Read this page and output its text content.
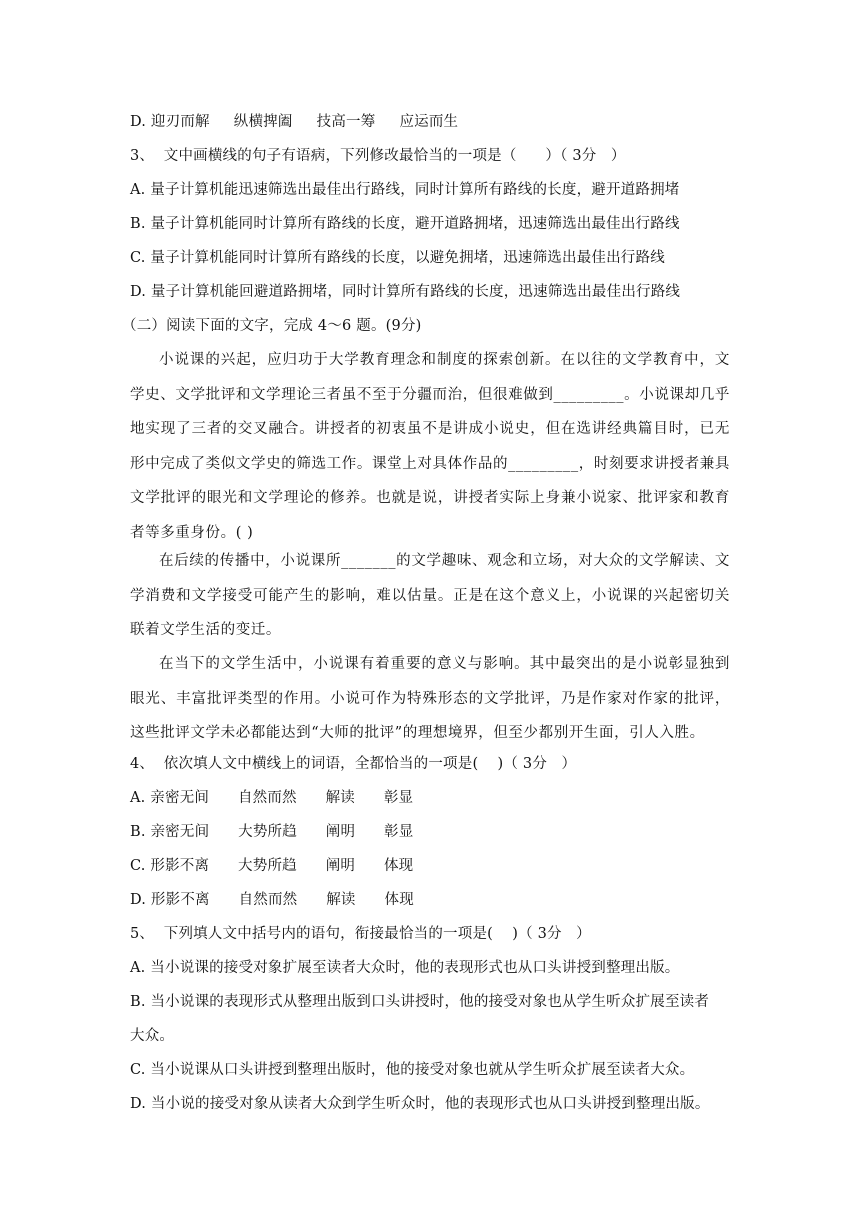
D. 迎刃而解     纵横捭阖     技高一筹     应运而生
3、  文中画横线的句子有语病，下列修改最恰当的一项是（      ）（ 3分   ）
A. 量子计算机能迅速筛选出最佳出行路线，同时计算所有路线的长度，避开道路拥堵
B. 量子计算机能同时计算所有路线的长度，避开道路拥堵，迅速筛选出最佳出行路线
C. 量子计算机能同时计算所有路线的长度，以避免拥堵，迅速筛选出最佳出行路线
D. 量子计算机能回避道路拥堵，同时计算所有路线的长度，迅速筛选出最佳出行路线
（二）阅读下面的文字，完成 4～6 题。(9分)

小说课的兴起，应归功于大学教育理念和制度的探索创新。在以往的文学教育中，文学史、文学批评和文学理论三者虽不至于分疆而治，但很难做到_________。小说课却几乎地实现了三者的交叉融合。讲授者的初衷虽不是讲成小说史，但在选讲经典篇目时，已无形中完成了类似文学史的筛选工作。课堂上对具体作品的_________，时刻要求讲授者兼具文学批评的眼光和文学理论的修养。也就是说，讲授者实际上身兼小说家、批评家和教育者等多重身份。( )

在后续的传播中，小说课所_______的文学趣味、观念和立场，对大众的文学解读、文学消费和文学接受可能产生的影响，难以估量。正是在这个意义上，小说课的兴起密切关联着文学生活的变迁。

在当下的文学生活中，小说课有着重要的意义与影响。其中最突出的是小说彰显独到眼光、丰富批评类型的作用。小说可作为特殊形态的文学批评，乃是作家对作家的批评，这些批评文学未必都能达到“大师的批评”的理想境界，但至少都别开生面，引人入胜。

4、  依次填人文中横线上的词语，全都恰当的一项是(    )（ 3分   ）
A. 亲密无间      自然而然      解读      彰显
B. 亲密无间      大势所趋      阐明      彰显
C. 形影不离      大势所趋      阐明      体现
D. 形影不离      自然而然      解读      体现
5、  下列填人文中括号内的语句，衔接最恰当的一项是(    )（ 3分   ）
A. 当小说课的接受对象扩展至读者大众时，他的表现形式也从口头讲授到整理出版。
B. 当小说课的表现形式从整理出版到口头讲授时，他的接受对象也从学生听众扩展至读者
大众。
C. 当小说课从口头讲授到整理出版时，他的接受对象也就从学生听众扩展至读者大众。
D. 当小说的接受对象从读者大众到学生听众时，他的表现形式也从口头讲授到整理出版。
